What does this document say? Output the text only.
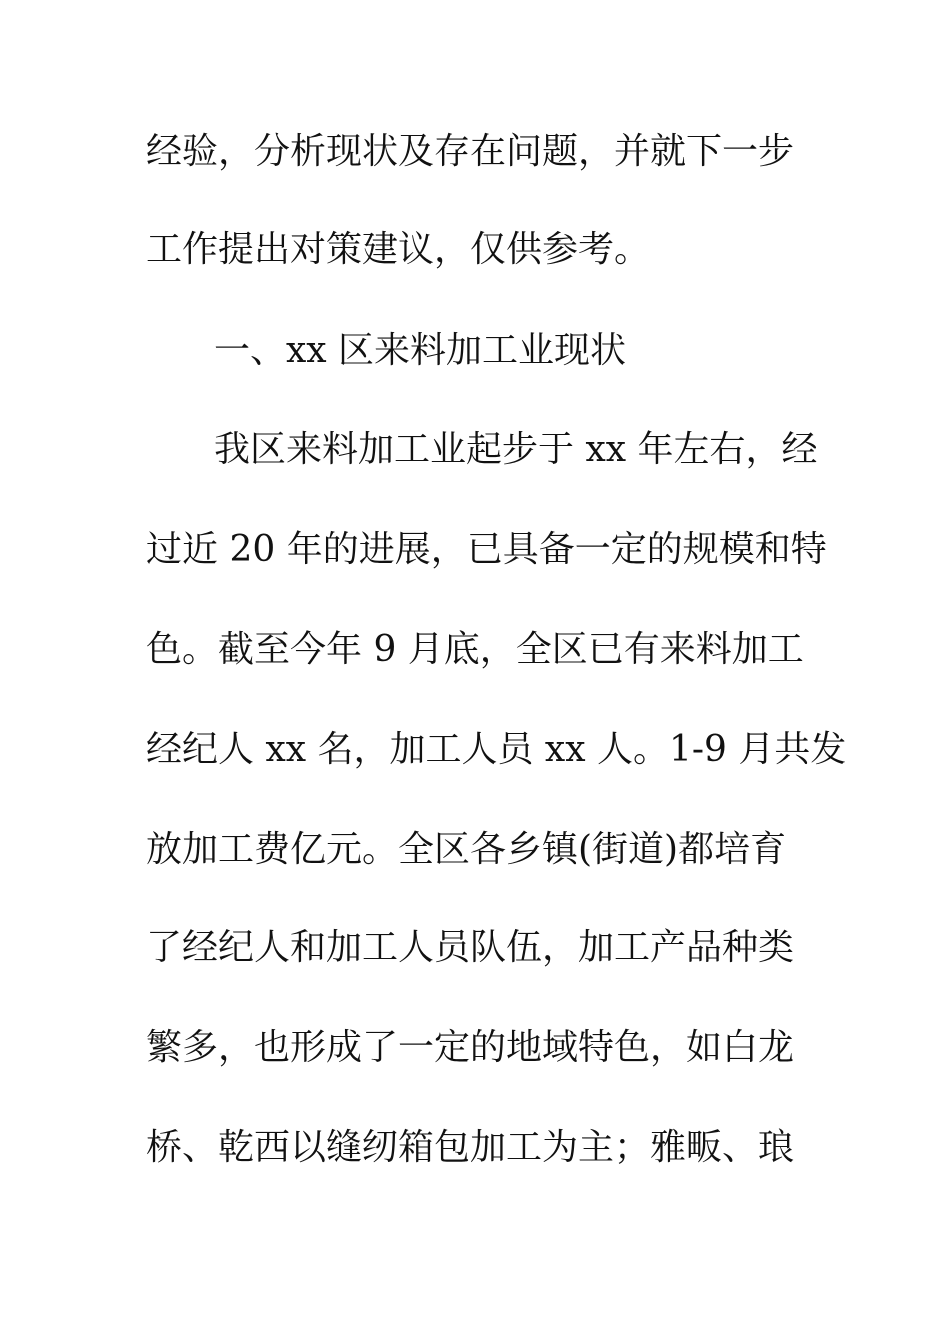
经验，分析现状及存在问题，并就下一步
工作提出对策建议，仅供参考。
一、xx 区来料加工业现状
我区来料加工业起步于 xx 年左右，经
过近 20 年的进展，已具备一定的规模和特
色。截至今年 9 月底，全区已有来料加工
经纪人 xx 名，加工人员 xx 人。1-9 月共发
放加工费亿元。全区各乡镇(街道)都培育
了经纪人和加工人员队伍，加工产品种类
繁多，也形成了一定的地域特色，如白龙
桥、乾西以缝纫箱包加工为主；雅畈、琅
